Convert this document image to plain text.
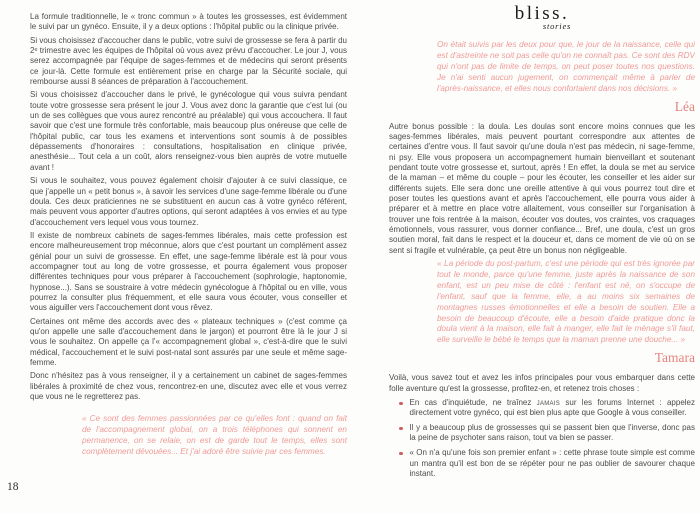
La formule traditionnelle, le « tronc commun » à toutes les grossesses, est évidemment le suivi par un gynéco. Ensuite, il y a deux options : l'hôpital public ou la clinique privée.

Si vous choisissez d'accoucher dans le public, votre suivi de grossesse se fera à partir du 2ᵉ trimestre avec les équipes de l'hôpital où vous avez prévu d'accoucher. Le jour J, vous serez accompagnée par l'équipe de sages-femmes et de médecins qui seront présents ce jour-là. Cette formule est entièrement prise en charge par la Sécurité sociale, qui rembourse aussi 8 séances de préparation à l'accouchement.

Si vous choisissez d'accoucher dans le privé, le gynécologue qui vous suivra pendant toute votre grossesse sera présent le jour J. Vous avez donc la garantie que c'est lui (ou un de ses collègues que vous aurez rencontré au préalable) qui vous accouchera. Il faut savoir que c'est une formule très confortable, mais beaucoup plus onéreuse que celle de l'hôpital public, car tous les examens et interventions sont soumis à de possibles dépassements d'honoraires : consultations, hospitalisation en clinique privée, anesthésie... Tout cela a un coût, alors renseignez-vous bien auprès de votre mutuelle avant !

Si vous le souhaitez, vous pouvez également choisir d'ajouter à ce suivi classique, ce que j'appelle un « petit bonus », à savoir les services d'une sage-femme libérale ou d'une doula. Ces deux praticiennes ne se substituent en aucun cas à votre gynéco référent, mais peuvent vous apporter d'autres options, qui seront adaptées à vos envies et au type d'accouchement vers lequel vous vous tournez.

Il existe de nombreux cabinets de sages-femmes libérales, mais cette profession est encore malheureusement trop méconnue, alors que c'est pourtant un complément assez génial pour un suivi de grossesse. En effet, une sage-femme libérale est là pour vous accompagner tout au long de votre grossesse, et pourra également vous proposer différentes techniques pour vous préparer à l'accouchement (sophrologie, haptonomie, hypnose...). Sans se soustraire à votre médecin gynécologue à l'hôpital ou en ville, vous pourrez la consulter plus fréquemment, et elle saura vous écouter, vous conseiller et vous aiguiller vers l'accouchement dont vous rêvez.

Certaines ont même des accords avec des « plateaux techniques » (c'est comme ça qu'on appelle une salle d'accouchement dans le jargon) et pourront être là le jour J si vous le souhaitez. On appelle ça l'« accompagnement global », c'est-à-dire que le suivi médical, l'accouchement et le suivi post-natal sont assurés par une seule et même sage-femme.

Donc n'hésitez pas à vous renseigner, il y a certainement un cabinet de sages-femmes libérales à proximité de chez vous, rencontrez-en une, discutez avec elle et vous verrez que vous ne le regretterez pas.

« Ce sont des femmes passionnées par ce qu'elles font : quand on fait de l'accompagnement global, on a trois téléphones qui sonnent en permanence, on se relaie, on est de garde tout le temps, elles sont complètement dévouées... Et j'ai adoré être suivie par ces femmes.

18
bliss.
stories

On était suivis par les deux pour que, le jour de la naissance, celle qui est d'astreinte ne soit pas celle qu'on ne connaît pas. Ce sont des RDV qui n'ont pas de limite de temps, on peut poser toutes nos questions. Je n'ai senti aucun jugement, on commençait même à parler de l'après-naissance, et elles nous confortaient dans nos décisions. »

Léa

Autre bonus possible : la doula. Les doulas sont encore moins connues que les sages-femmes libérales, mais peuvent pourtant correspondre aux attentes de certaines d'entre vous. Il faut savoir qu'une doula n'est pas médecin, ni sage-femme, ni psy. Elle vous proposera un accompagnement humain bienveillant et soutenant pendant toute votre grossesse et, surtout, après ! En effet, la doula se met au service de la maman – et même du couple – pour les écouter, les conseiller et les aider sur différents sujets. Elle sera donc une oreille attentive à qui vous pourrez tout dire et poser toutes les questions avant et après l'accouchement, elle pourra vous aider à préparer et à mettre en place votre allaitement, vous conseiller sur l'organisation à trouver une fois rentrée à la maison, écouter vos doutes, vos craintes, vos craquages émotionnels, vous rassurer, vous donner confiance... Bref, une doula, c'est un gros soutien moral, fait dans le respect et la douceur et, dans ce moment de vie où on se sent si fragile et vulnérable, ça peut être un bonus non négligeable.

« La période du post-partum, c'est une période qui est très ignorée par tout le monde, parce qu'une femme, juste après la naissance de son enfant, est un peu mise de côté : l'enfant est né, on s'occupe de l'enfant, sauf que la femme, elle, a au moins six semaines de montagnes russes émotionnelles et elle a besoin de soutien. Elle a besoin de beaucoup d'écoute, elle a besoin d'aide pratique donc la doula vient à la maison, elle fait à manger, elle fait le ménage s'il faut, elle surveille le bébé le temps que la maman prenne une douche... »

Tamara

Voilà, vous savez tout et avez les infos principales pour vous embarquer dans cette folle aventure qu'est la grossesse, profitez-en, et retenez trois choses :

En cas d'inquiétude, ne traînez jamais sur les forums Internet : appelez directement votre gynéco, qui est bien plus apte que Google à vous conseiller.
Il y a beaucoup plus de grossesses qui se passent bien que l'inverse, donc pas la peine de psychoter sans raison, tout va bien se passer.
« On n'a qu'une fois son premier enfant » : cette phrase toute simple est comme un mantra qu'il est bon de se répéter pour ne pas oublier de savourer chaque instant.
